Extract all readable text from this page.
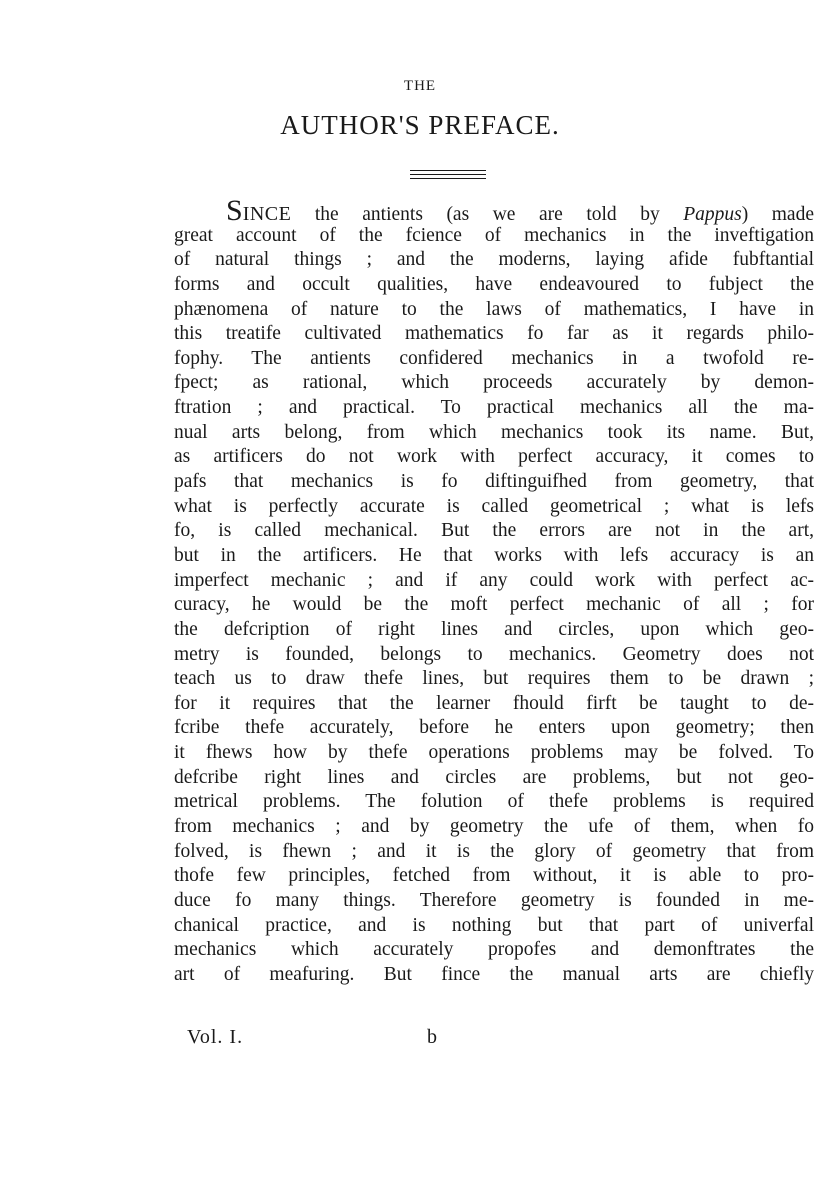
THE
AUTHOR'S PREFACE.
SINCE the antients (as we are told by Pappus) made
great account of the fcience of mechanics in the inveftigation
of natural things ; and the moderns, laying afide fubftantial
forms and occult qualities, have endeavoured to fubject the
phænomena of nature to the laws of mathematics, I have in
this treatife cultivated mathematics fo far as it regards philo-
fophy. The antients confidered mechanics in a twofold re-
fpect; as rational, which proceeds accurately by demon-
ftration ; and practical. To practical mechanics all the ma-
nual arts belong, from which mechanics took its name. But,
as artificers do not work with perfect accuracy, it comes to
pafs that mechanics is fo diftinguifhed from geometry, that
what is perfectly accurate is called geometrical ; what is lefs
fo, is called mechanical. But the errors are not in the art,
but in the artificers. He that works with lefs accuracy is an
imperfect mechanic ; and if any could work with perfect ac-
curacy, he would be the moft perfect mechanic of all ; for
the defcription of right lines and circles, upon which geo-
metry is founded, belongs to mechanics. Geometry does not
teach us to draw thefe lines, but requires them to be drawn ;
for it requires that the learner fhould firft be taught to de-
fcribe thefe accurately, before he enters upon geometry; then
it fhews how by thefe operations problems may be folved. To
defcribe right lines and circles are problems, but not geo-
metrical problems. The folution of thefe problems is required
from mechanics ; and by geometry the ufe of them, when fo
folved, is fhewn ; and it is the glory of geometry that from
thofe few principles, fetched from without, it is able to pro-
duce fo many things. Therefore geometry is founded in me-
chanical practice, and is nothing but that part of univerfal
mechanics which accurately propofes and demonftrates the
art of meafuring. But fince the manual arts are chiefly
Vol. I.	b
